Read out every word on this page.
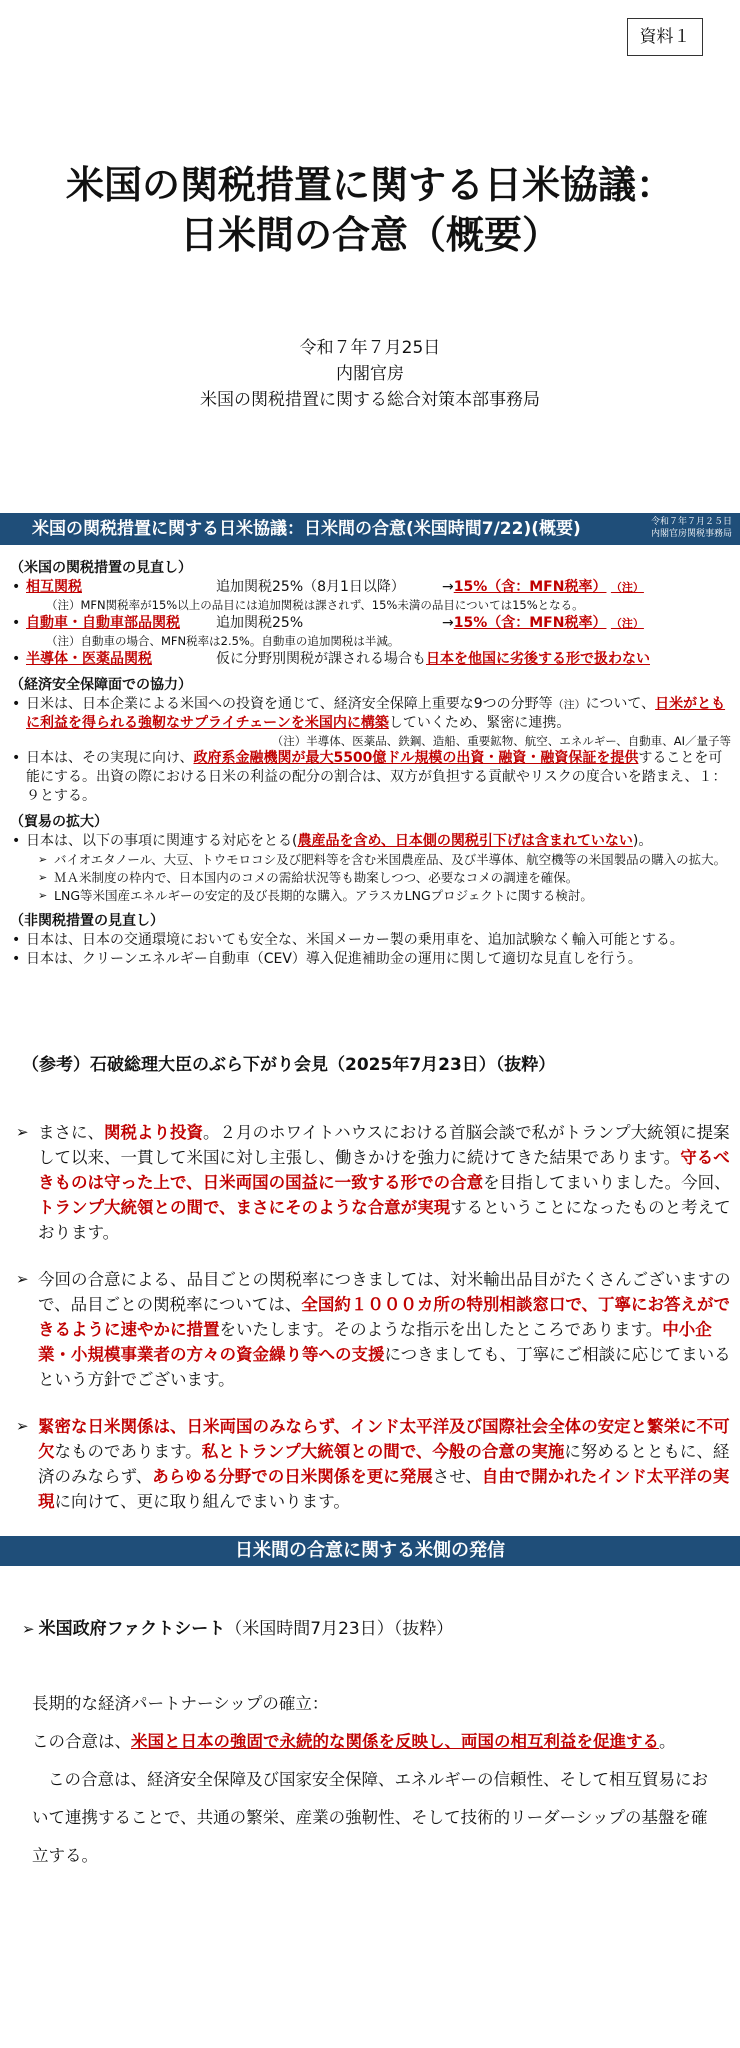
資料１
米国の関税措置に関する日米協議：
日米間の合意（概要）
令和７年７月25日
内閣官房
米国の関税措置に関する総合対策本部事務局
米国の関税措置に関する日米協議：日米間の合意(米国時間7/22)(概要)	令和７年７月２５日
内閣官房関税事務局
（米国の関税措置の見直し）
• 相互関税	追加関税25%（8月1日以降）	→15%（含：MFN税率） （注）
（注）MFN関税率が15%以上の品目には追加関税は課されず、15%未満の品目については15%となる。
• 自動車・自動車部品関税	追加関税25%	→15%（含：MFN税率） （注）
（注）自動車の場合、MFN税率は2.5%。自動車の追加関税は半減。
• 半導体・医薬品関税	仮に分野別関税が課される場合も日本を他国に劣後する形で扱わない
（経済安全保障面での協力）
• 日米は、日本企業による米国への投資を通じて、経済安全保障上重要な9つの分野等（注）について、日米がともに利益を得られる強靭なサプライチェーンを米国内に構築していくため、緊密に連携。
（注）半導体、医薬品、鉄鋼、造船、重要鉱物、航空、エネルギー、自動車、AI／量子等
• 日本は、その実現に向け、政府系金融機関が最大5500億ドル規模の出資・融資・融資保証を提供することを可能にする。出資の際における日米の利益の配分の割合は、双方が負担する貢献やリスクの度合いを踏まえ、１：９とする。
（貿易の拡大）
• 日本は、以下の事項に関連する対応をとる(農産品を含め、日本側の関税引下げは含まれていない)。
➢ バイオエタノール、大豆、トウモロコシ及び肥料等を含む米国農産品、及び半導体、航空機等の米国製品の購入の拡大。
➢ ＭＡ米制度の枠内で、日本国内のコメの需給状況等も勘案しつつ、必要なコメの調達を確保。
➢ LNG等米国産エネルギーの安定的及び長期的な購入。アラスカLNGプロジェクトに関する検討。
（非関税措置の見直し）
• 日本は、日本の交通環境においても安全な、米国メーカー製の乗用車を、追加試験なく輸入可能とする。
• 日本は、クリーンエネルギー自動車（CEV）導入促進補助金の運用に関して適切な見直しを行う。
（参考）石破総理大臣のぶら下がり会見（2025年7月23日）（抜粋）
➢ まさに、関税より投資。２月のホワイトハウスにおける首脳会談で私がトランプ大統領に提案して以来、一貫して米国に対し主張し、働きかけを強力に続けてきた結果であります。守るべきものは守った上で、日米両国の国益に一致する形での合意を目指してまいりました。今回、トランプ大統領との間で、まさにそのような合意が実現するということになったものと考えております。
➢ 今回の合意による、品目ごとの関税率につきましては、対米輸出品目がたくさんございますので、品目ごとの関税率については、全国約１０００カ所の特別相談窓口で、丁寧にお答えができるように速やかに措置をいたします。そのような指示を出したところであります。中小企業・小規模事業者の方々の資金繰り等への支援につきましても、丁寧にご相談に応じてまいるという方針でございます。
➢ 緊密な日米関係は、日米両国のみならず、インド太平洋及び国際社会全体の安定と繁栄に不可欠なものであります。私とトランプ大統領との間で、今般の合意の実施に努めるとともに、経済のみならず、あらゆる分野での日米関係を更に発展させ、自由で開かれたインド太平洋の実現に向けて、更に取り組んでまいります。
日米間の合意に関する米側の発信
➢ 米国政府ファクトシート（米国時間7月23日）（抜粋）

長期的な経済パートナーシップの確立：

この合意は、米国と日本の強固で永続的な関係を反映し、両国の相互利益を促進する。

この合意は、経済安全保障及び国家安全保障、エネルギーの信頼性、そして相互貿易において連携することで、共通の繁栄、産業の強靭性、そして技術的リーダーシップの基盤を確立する。
